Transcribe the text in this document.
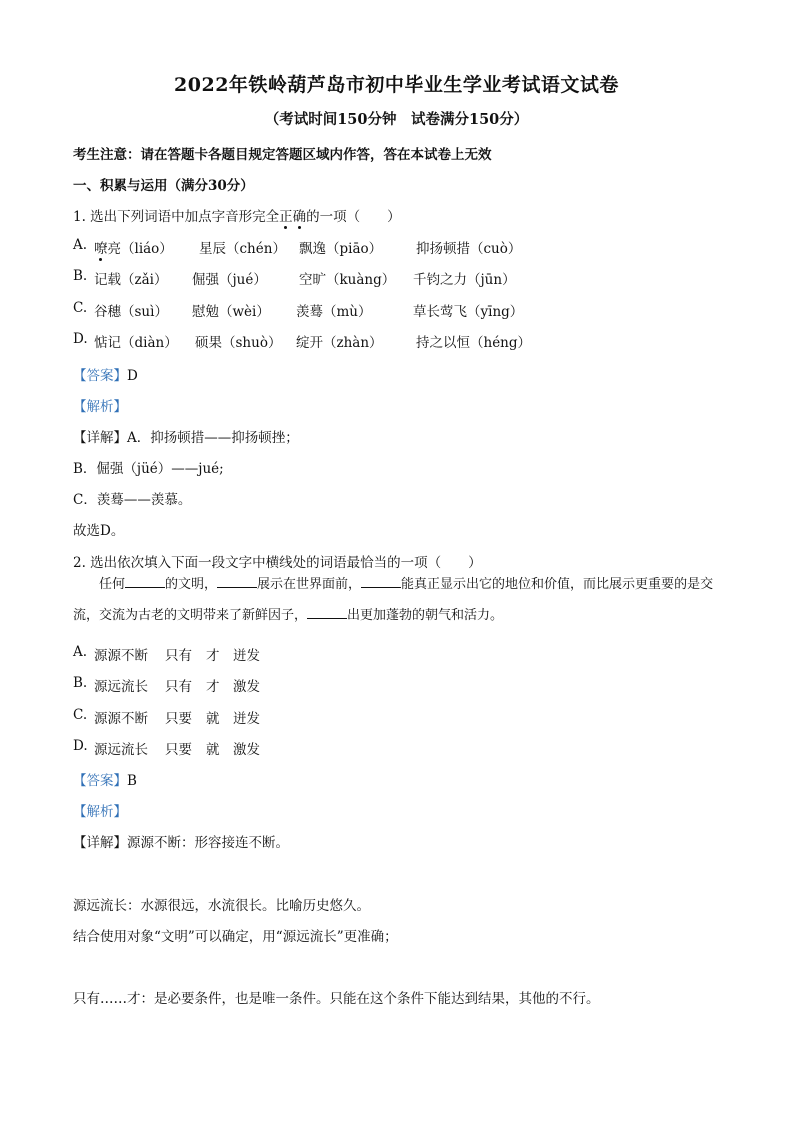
2022年铁岭葫芦岛市初中毕业生学业考试语文试卷
（考试时间150分钟　试卷满分150分）
考生注意：请在答题卡各题目规定答题区域内作答，答在本试卷上无效
一、积累与运用（满分30分）
1. 选出下列词语中加点字音形完全正确的一项（　　）
A. 嘹亮（liáo） 星辰（chén） 飘逸（piāo）	抑扬顿措（cuò）
B. 记载（zǎi） 倔强（jué） 空旷（kuàng） 千钧之力（jūn）
C. 谷穗（suì） 慰勉（wèi） 羡蓦（mù）	草长莺飞（yīng）
D. 惦记（diàn） 硕果（shuò） 绽开（zhàn） 持之以恒（héng）
【答案】D
【解析】
【详解】A．抑扬顿措——抑扬顿挫；
B．倔强（jüé）——jué;
C．羡蓦——羡慕。
故选D。
2. 选出依次填入下面一段文字中横线处的词语最恰当的一项（　　）
任何	的文明，	展示在世界面前，	能真正显示出它的地位和价值，而比展示更重要的是交流，交流为古老的文明带来了新鲜因子，	出更加蓬勃的朝气和活力。
A. 源源不断 只有 才 迸发
B. 源远流长 只有 才 激发
C. 源源不断 只要 就 迸发
D. 源远流长 只要 就 激发
【答案】B
【解析】
【详解】源源不断：形容接连不断。
源远流长：水源很远，水流很长。比喻历史悠久。
结合使用对象“文明”可以确定，用“源远流长”更准确；
只有……才：是必要条件，也是唯一条件。只能在这个条件下能达到结果，其他的不行。
